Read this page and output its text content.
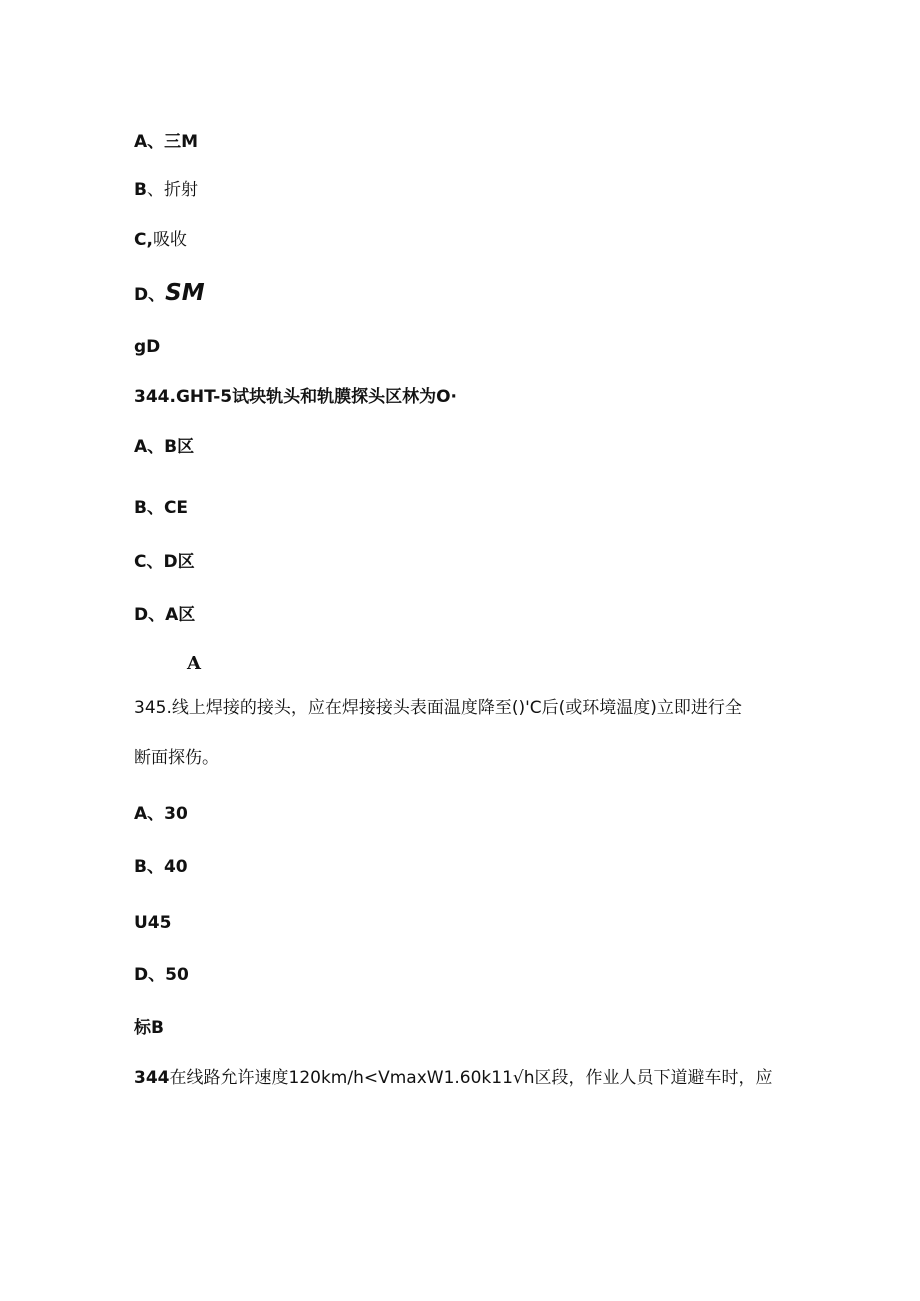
A、三M
B、折射
C,吸收
D、SM
gD
344.GHT-5试块轨头和轨膜探头区林为O·
A、B区
B、CE
C、D区
D、A区
A
345.线上焊接的接头，应在焊接接头表面温度降至()'C后(或环境温度)立即进行全
断面探伤。
A、30
B、40
U45
D、50
标B
344在线路允许速度120km∕h<VmaxW1.60k11√h区段，作业人员下道避车时，应
